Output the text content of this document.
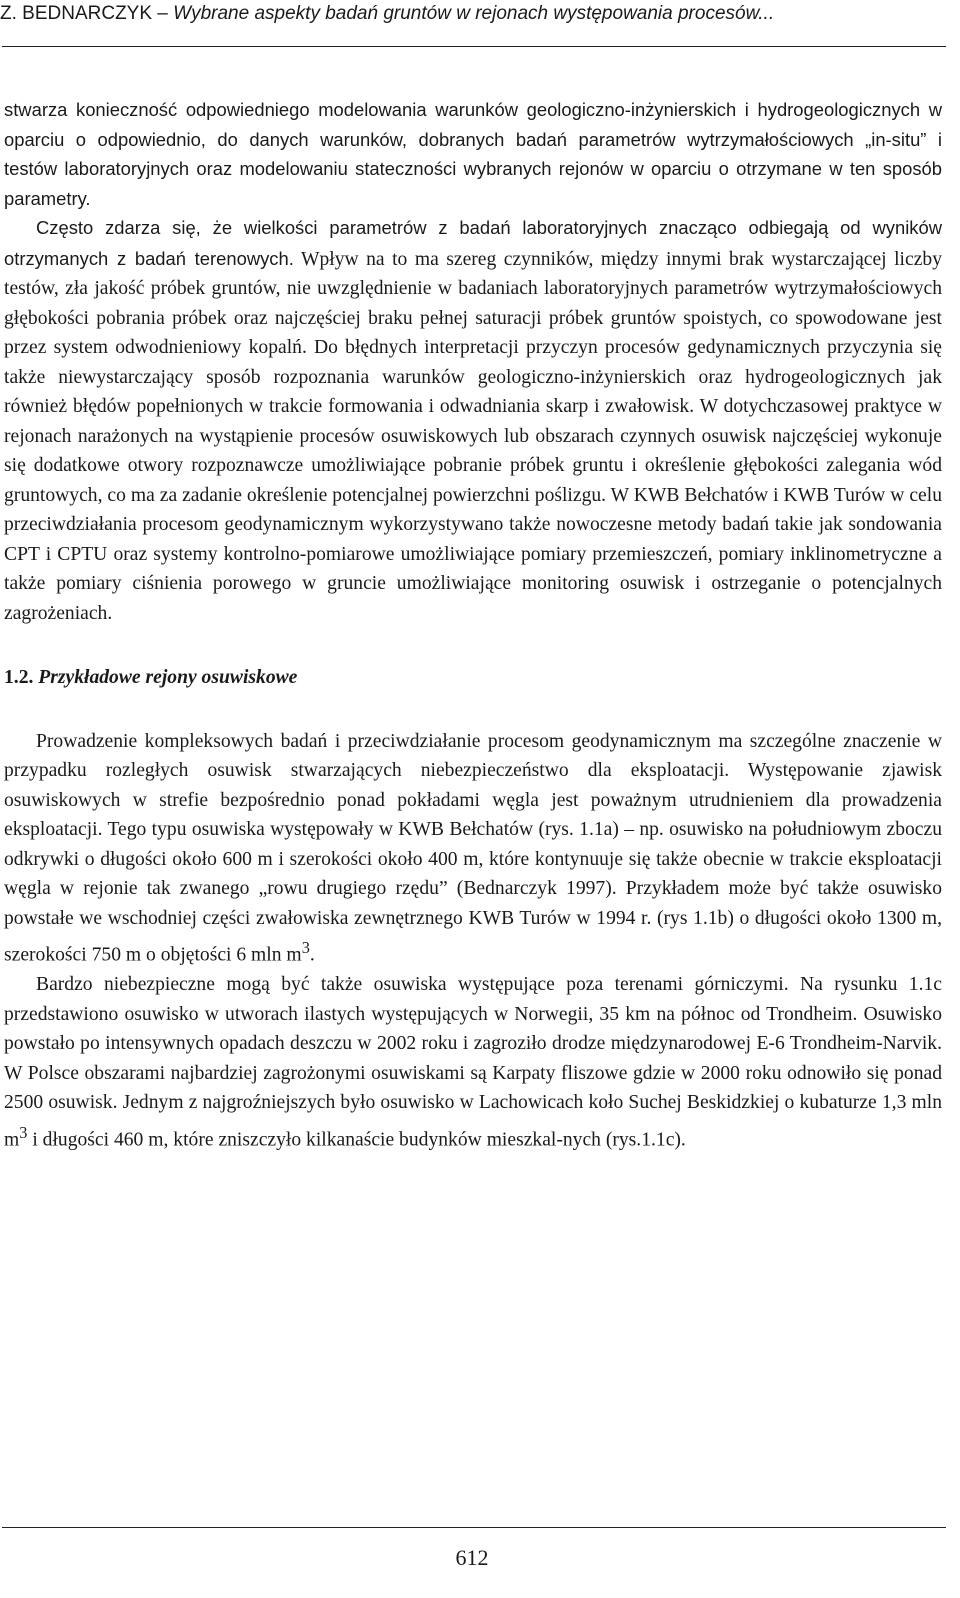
Z. BEDNARCZYK – Wybrane aspekty badań gruntów w rejonach występowania procesów...

stwarza konieczność odpowiedniego modelowania warunków geologiczno-inżynierskich i hydrogeologicznych w oparciu o odpowiednio, do danych warunków, dobranych badań parametrów wytrzymałościowych „in-situ” i testów laboratoryjnych oraz modelowaniu stateczności wybranych rejonów w oparciu o otrzymane w ten sposób parametry.

Często zdarza się, że wielkości parametrów z badań laboratoryjnych znacząco odbiegają od wyników otrzymanych z badań terenowych. Wpływ na to ma szereg czynników, między innymi brak wystarczającej liczby testów, zła jakość próbek gruntów, nie uwzględnienie w badaniach laboratoryjnych parametrów wytrzymałościowych głębokości pobrania próbek oraz najczęściej braku pełnej saturacji próbek gruntów spoistych, co spowodowane jest przez system odwodnieniowy kopalń. Do błędnych interpretacji przyczyn procesów gedynamicznych przyczynia się także niewystarczający sposób rozpoznania warunków geologiczno-inżynierskich oraz hydrogeologicznych jak również błędów popełnionych w trakcie formowania i odwadniania skarp i zwałowisk. W dotychczasowej praktyce w rejonach narażonych na wystąpienie procesów osuwiskowych lub obszarach czynnych osuwisk najczęściej wykonuje się dodatkowe otwory rozpoznawcze umożliwiające pobranie próbek gruntu i określenie głębokości zalegania wód gruntowych, co ma za zadanie określenie potencjalnej powierzchni poślizgu. W KWB Bełchatów i KWB Turów w celu przeciwdziałania procesom geodynamicznym wykorzystywano także nowoczesne metody badań takie jak sondowania CPT i CPTU oraz systemy kontrolno-pomiarowe umożliwiające pomiary przemieszczeń, pomiary inklinometryczne a także pomiary ciśnienia porowego w gruncie umożliwiające monitoring osuwisk i ostrzeganie o potencjalnych zagrożeniach.

1.2. Przykładowe rejony osuwiskowe

Prowadzenie kompleksowych badań i przeciwdziałanie procesom geodynamicznym ma szczególne znaczenie w przypadku rozległych osuwisk stwarzających niebezpieczeństwo dla eksploatacji. Występowanie zjawisk osuwiskowych w strefie bezpośrednio ponad pokładami węgla jest poważnym utrudnieniem dla prowadzenia eksploatacji. Tego typu osuwiska występowały w KWB Bełchatów (rys. 1.1a) – np. osuwisko na południowym zboczu odkrywki o długości około 600 m i szerokości około 400 m, które kontynuuje się także obecnie w trakcie eksploatacji węgla w rejonie tak zwanego „rowu drugiego rzędu” (Bednarczyk 1997). Przykładem może być także osuwisko powstałe we wschodniej części zwałowiska zewnętrznego KWB Turów w 1994 r. (rys 1.1b) o długości około 1300 m, szerokości 750 m o objętości 6 mln $m^3$.

Bardzo niebezpieczne mogą być także osuwiska występujące poza terenami górniczymi. Na rysunku 1.1c przedstawiono osuwisko w utworach ilastych występujących w Norwegii, 35 km na północ od Trondheim. Osuwisko powstało po intensywnych opadach deszczu w 2002 roku i zagroziło drodze międzynarodowej E-6 Trondheim-Narvik. W Polsce obszarami najbardziej zagrożonymi osuwiskami są Karpaty fliszowe gdzie w 2000 roku odnowiło się ponad 2500 osuwisk. Jednym z najgroźniejszych było osuwisko w Lachowicach koło Suchej Beskidzkiej o kubaturze 1,3 mln $m^3$ i długości 460 m, które zniszczyło kilkanaście budynków mieszkal-nych (rys.1.1c).

612
